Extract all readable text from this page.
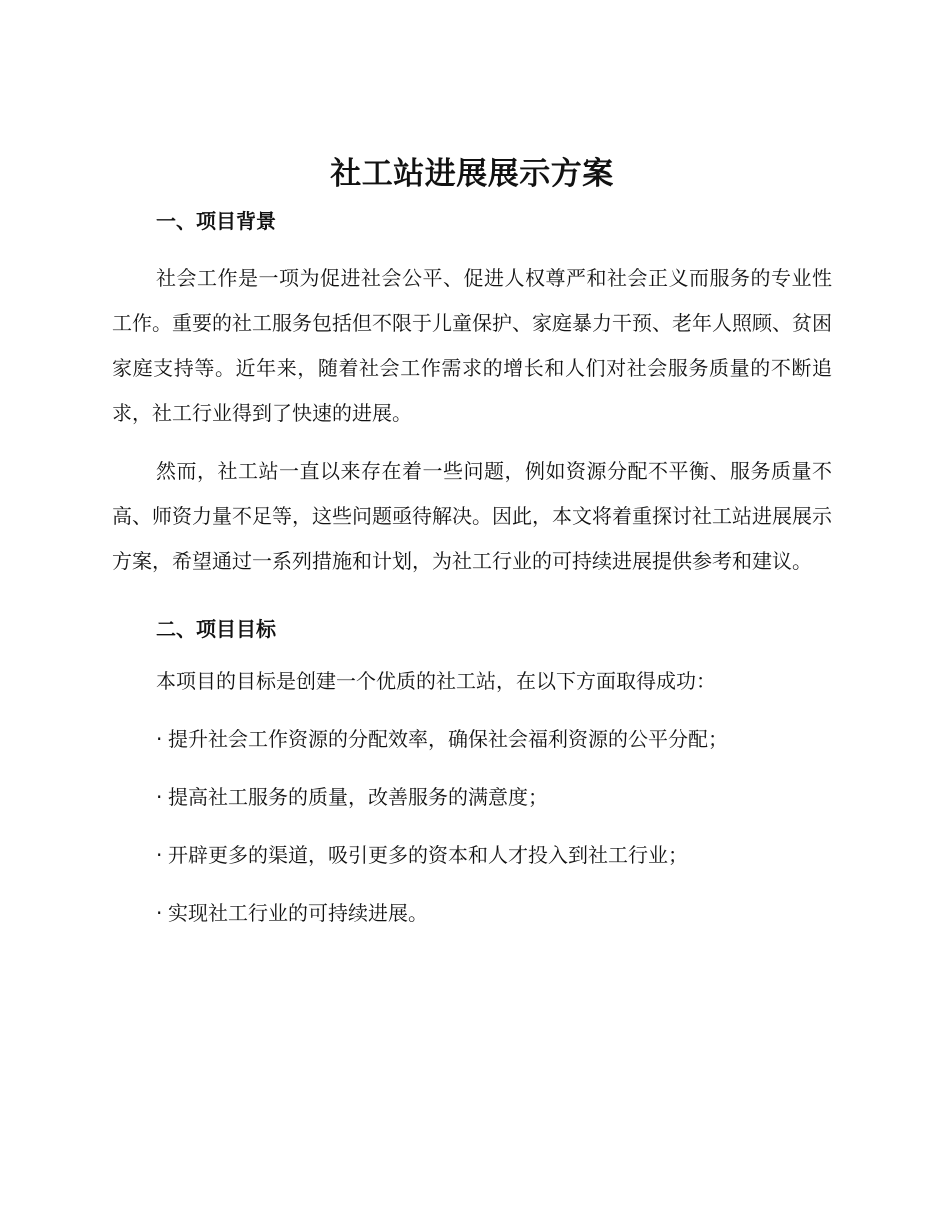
社工站进展展示方案
一、项目背景

社会工作是一项为促进社会公平、促进人权尊严和社会正义而服务的专业性工作。重要的社工服务包括但不限于儿童保护、家庭暴力干预、老年人照顾、贫困家庭支持等。近年来，随着社会工作需求的增长和人们对社会服务质量的不断追求，社工行业得到了快速的进展。

然而，社工站一直以来存在着一些问题，例如资源分配不平衡、服务质量不高、师资力量不足等，这些问题亟待解决。因此，本文将着重探讨社工站进展展示方案，希望通过一系列措施和计划，为社工行业的可持续进展提供参考和建议。

二、项目目标
本项目的目标是创建一个优质的社工站，在以下方面取得成功：
· 提升社会工作资源的分配效率，确保社会福利资源的公平分配；
· 提高社工服务的质量，改善服务的满意度；
· 开辟更多的渠道，吸引更多的资本和人才投入到社工行业；
· 实现社工行业的可持续进展。
